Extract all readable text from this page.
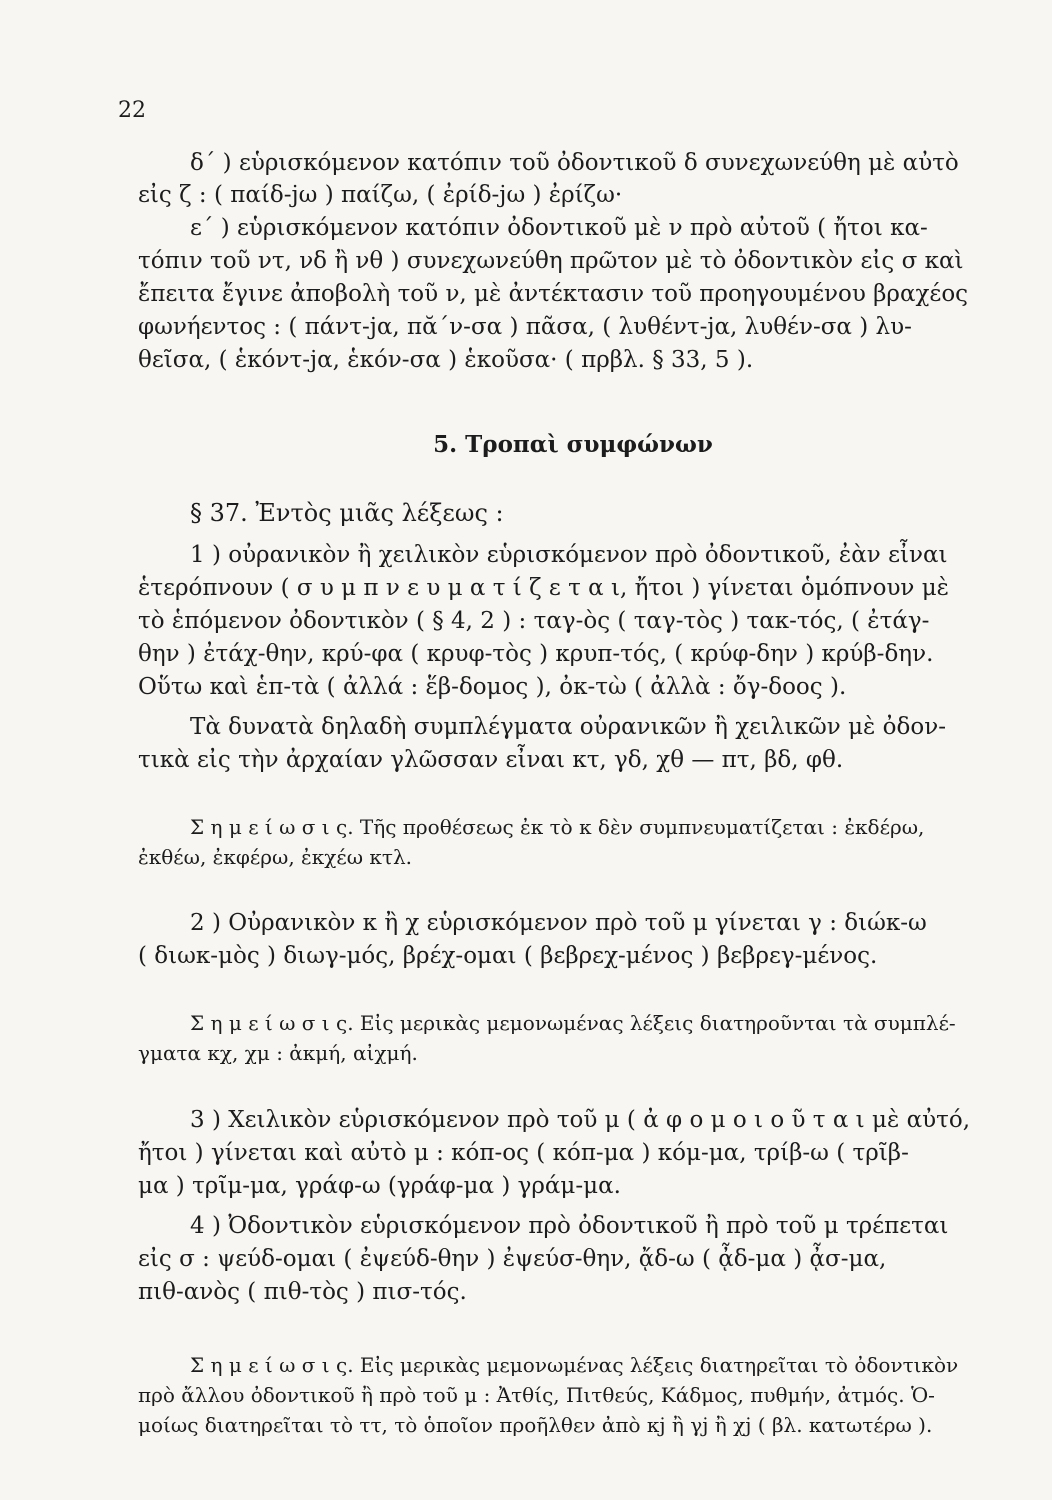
22
δ´ ) εὑρισκόμενον κατόπιν τοῦ ὀδοντικοῦ δ συνεχωνεύθη μὲ αὐτὸ
εἰς ζ : ( παίδ-jω ) παίζω, ( ἐρίδ-jω ) ἐρίζω·
ε´ ) εὑρισκόμενον κατόπιν ὀδοντικοῦ μὲ ν πρὸ αὐτοῦ ( ἤτοι κα-
τόπιν τοῦ ντ, νδ ἢ νθ ) συνεχωνεύθη πρῶτον μὲ τὸ ὀδοντικὸν εἰς σ καὶ
ἔπειτα ἔγινε ἀποβολὴ τοῦ ν, μὲ ἀντέκτασιν τοῦ προηγουμένου βραχέος
φωνήεντος : ( πάντ-jα, πᾰ΄ν-σα ) πᾶσα, ( λυθέντ-jα, λυθέν-σα ) λυ-
θεῖσα, ( ἑκόντ-jα, ἑκόν-σα ) ἑκοῦσα· ( πρβλ. § 33, 5 ).
5. Τροπαὶ συμφώνων
§ 37. Ἐντὸς μιᾶς λέξεως :
1 ) οὐρανικὸν ἢ χειλικὸν εὑρισκόμενον πρὸ ὀδοντικοῦ, ἐὰν εἶναι
ἑτερόπνουν ( σ υ μ π ν ε υ μ α τ ί ζ ε τ α ι, ἤτοι ) γίνεται ὁμόπνουν μὲ
τὸ ἑπόμενον ὀδοντικὸν ( § 4, 2 ) : ταγ-ὸς ( ταγ-τὸς ) τακ-τός, ( ἐτάγ-
θην ) ἐτάχ-θην, κρύ-φα ( κρυφ-τὸς ) κρυπ-τός, ( κρύφ-δην ) κρύβ-δην.
Οὕτω καὶ ἑπ-τὰ ( ἀλλά : ἕβ-δομος ), ὀκ-τὼ ( ἀλλὰ : ὄγ-δοος ).
Τὰ δυνατὰ δηλαδὴ συμπλέγματα οὐρανικῶν ἢ χειλικῶν μὲ ὀδον-
τικὰ εἰς τὴν ἀρχαίαν γλῶσσαν εἶναι κτ, γδ, χθ — πτ, βδ, φθ.
Σ η μ ε ί ω σ ι ς. Τῆς προθέσεως ἐκ τὸ κ δὲν συμπνευματίζεται : ἐκδέρω,
ἐκθέω, ἐκφέρω, ἐκχέω κτλ.
2 ) Οὐρανικὸν κ ἢ χ εὑρισκόμενον πρὸ τοῦ μ γίνεται γ : διώκ-ω
( διωκ-μὸς ) διωγ-μός, βρέχ-ομαι ( βεβρεχ-μένος ) βεβρεγ-μένος.
Σ η μ ε ί ω σ ι ς. Εἰς μερικὰς μεμονωμένας λέξεις διατηροῦνται τὰ συμπλέ-
γματα κχ, χμ : ἀκμή, αἰχμή.
3 ) Χειλικὸν εὑρισκόμενον πρὸ τοῦ μ ( ἀ φ ο μ ο ι ο ῦ τ α ι μὲ αὐτό,
ἤτοι ) γίνεται καὶ αὐτὸ μ : κόπ-ος ( κόπ-μα ) κόμ-μα, τρίβ-ω ( τρῖβ-
μα ) τρῖμ-μα, γράφ-ω (γράφ-μα ) γράμ-μα.
4 ) Ὀδοντικὸν εὑρισκόμενον πρὸ ὀδοντικοῦ ἢ πρὸ τοῦ μ τρέπεται
εἰς σ : ψεύδ-ομαι ( ἐψεύδ-θην ) ἐψεύσ-θην, ᾄδ-ω ( ᾆδ-μα ) ᾆσ-μα,
πιθ-ανὸς ( πιθ-τὸς ) πισ-τός.
Σ η μ ε ί ω σ ι ς. Εἰς μερικὰς μεμονωμένας λέξεις διατηρεῖται τὸ ὀδοντικὸν
πρὸ ἄλλου ὀδοντικοῦ ἢ πρὸ τοῦ μ : Ἀτθίς, Πιτθεύς, Κάδμος, πυθμήν, ἀτμός. Ὁ-
μοίως διατηρεῖται τὸ ττ, τὸ ὁποῖον προῆλθεν ἀπὸ κj ἢ γj ἢ χj ( βλ. κατωτέρω ).
